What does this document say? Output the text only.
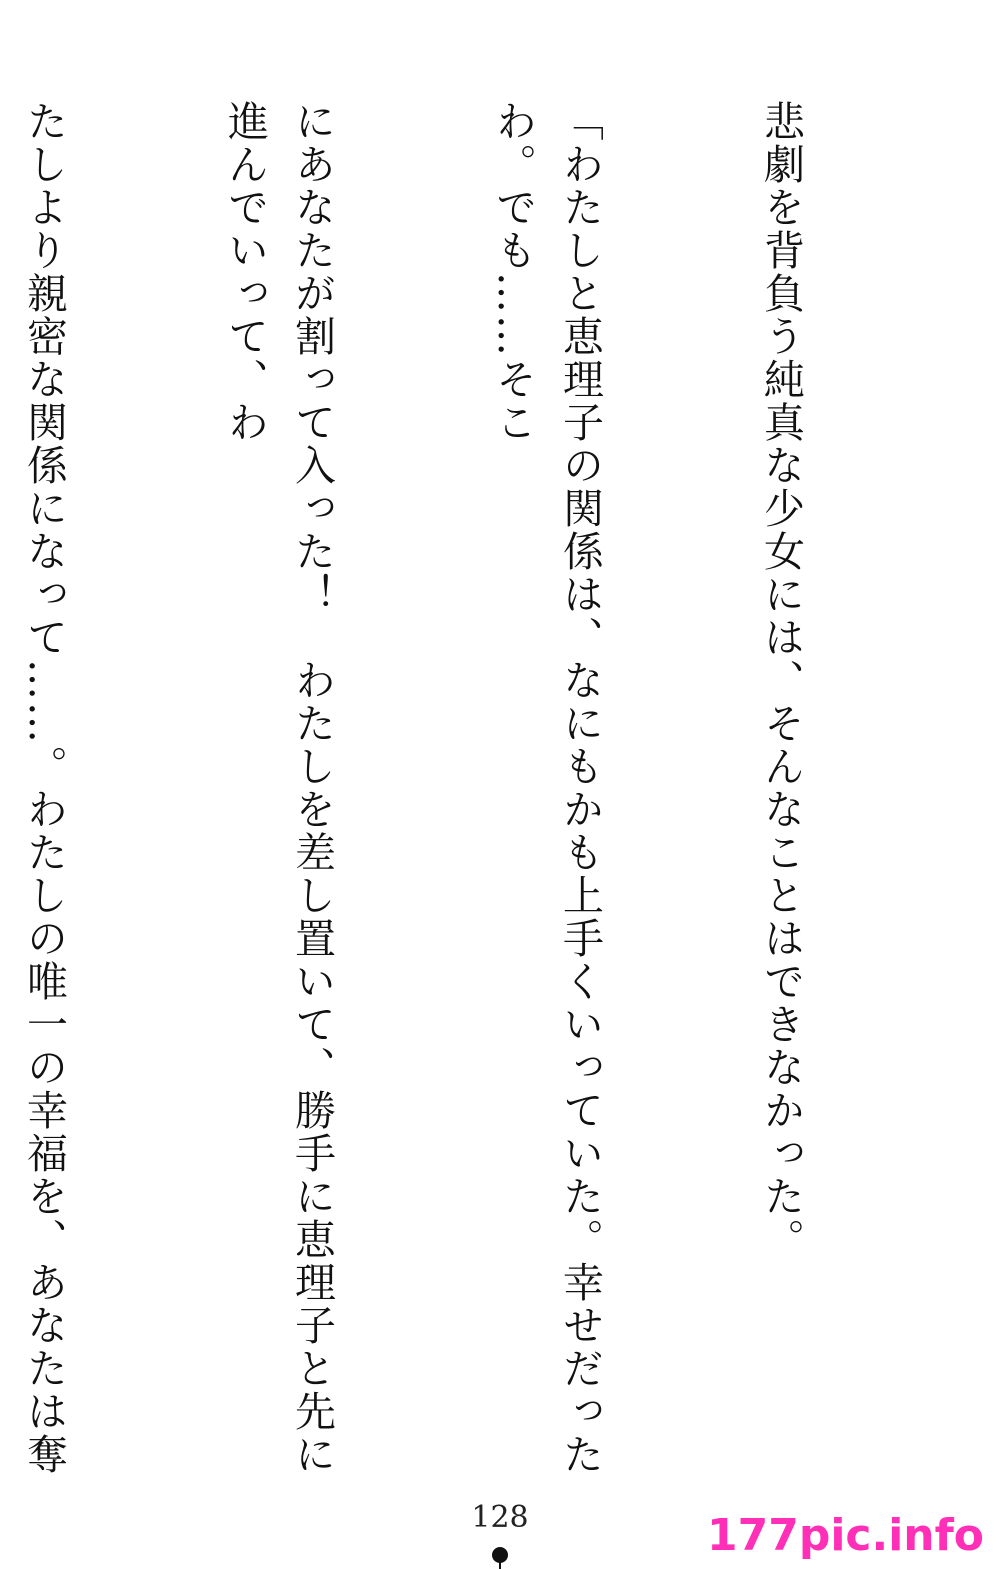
悲劇を背負う純真な少女には、そんなことはできなかった。

「わたしと恵理子の関係は、なにもかも上手くいっていた。幸せだったわ。でも……そこ

にあなたが割って入った！　わたしを差し置いて、勝手に恵理子と先に進んでいって、わ

たしより親密な関係になって……。わたしの唯一の幸福を、あなたは奪

128	177pic.info
